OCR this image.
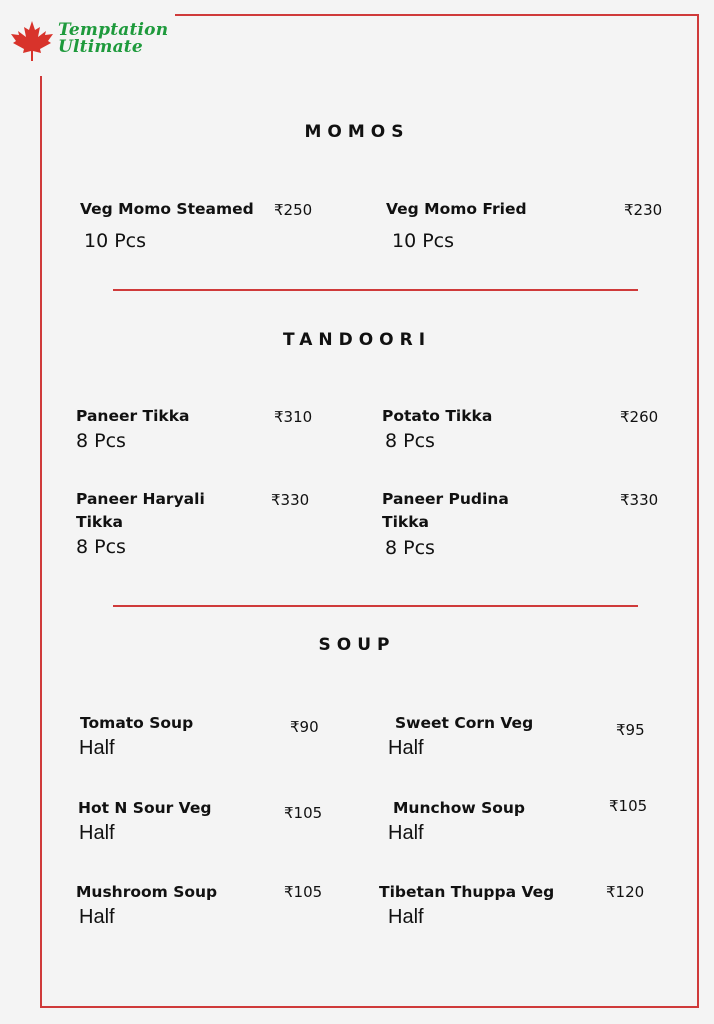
Temptation
Ultimate
MOMOS
Veg Momo Steamed ₹250
10 Pcs
Veg Momo Fried	₹230
10 Pcs
TANDOORI
Paneer Tikka	₹310
8 Pcs
Potato Tikka	₹260
8 Pcs
Paneer Haryali Tikka
₹330
8 Pcs
Paneer Pudina Tikka
₹330
8 Pcs
SOUP
Tomato Soup	₹90
Half
Sweet Corn Veg	₹95
Half
Hot N Sour Veg	₹105
Half
Munchow Soup	₹105
Half
Mushroom Soup	₹105
Half
Tibetan Thuppa Veg	₹120
Half
